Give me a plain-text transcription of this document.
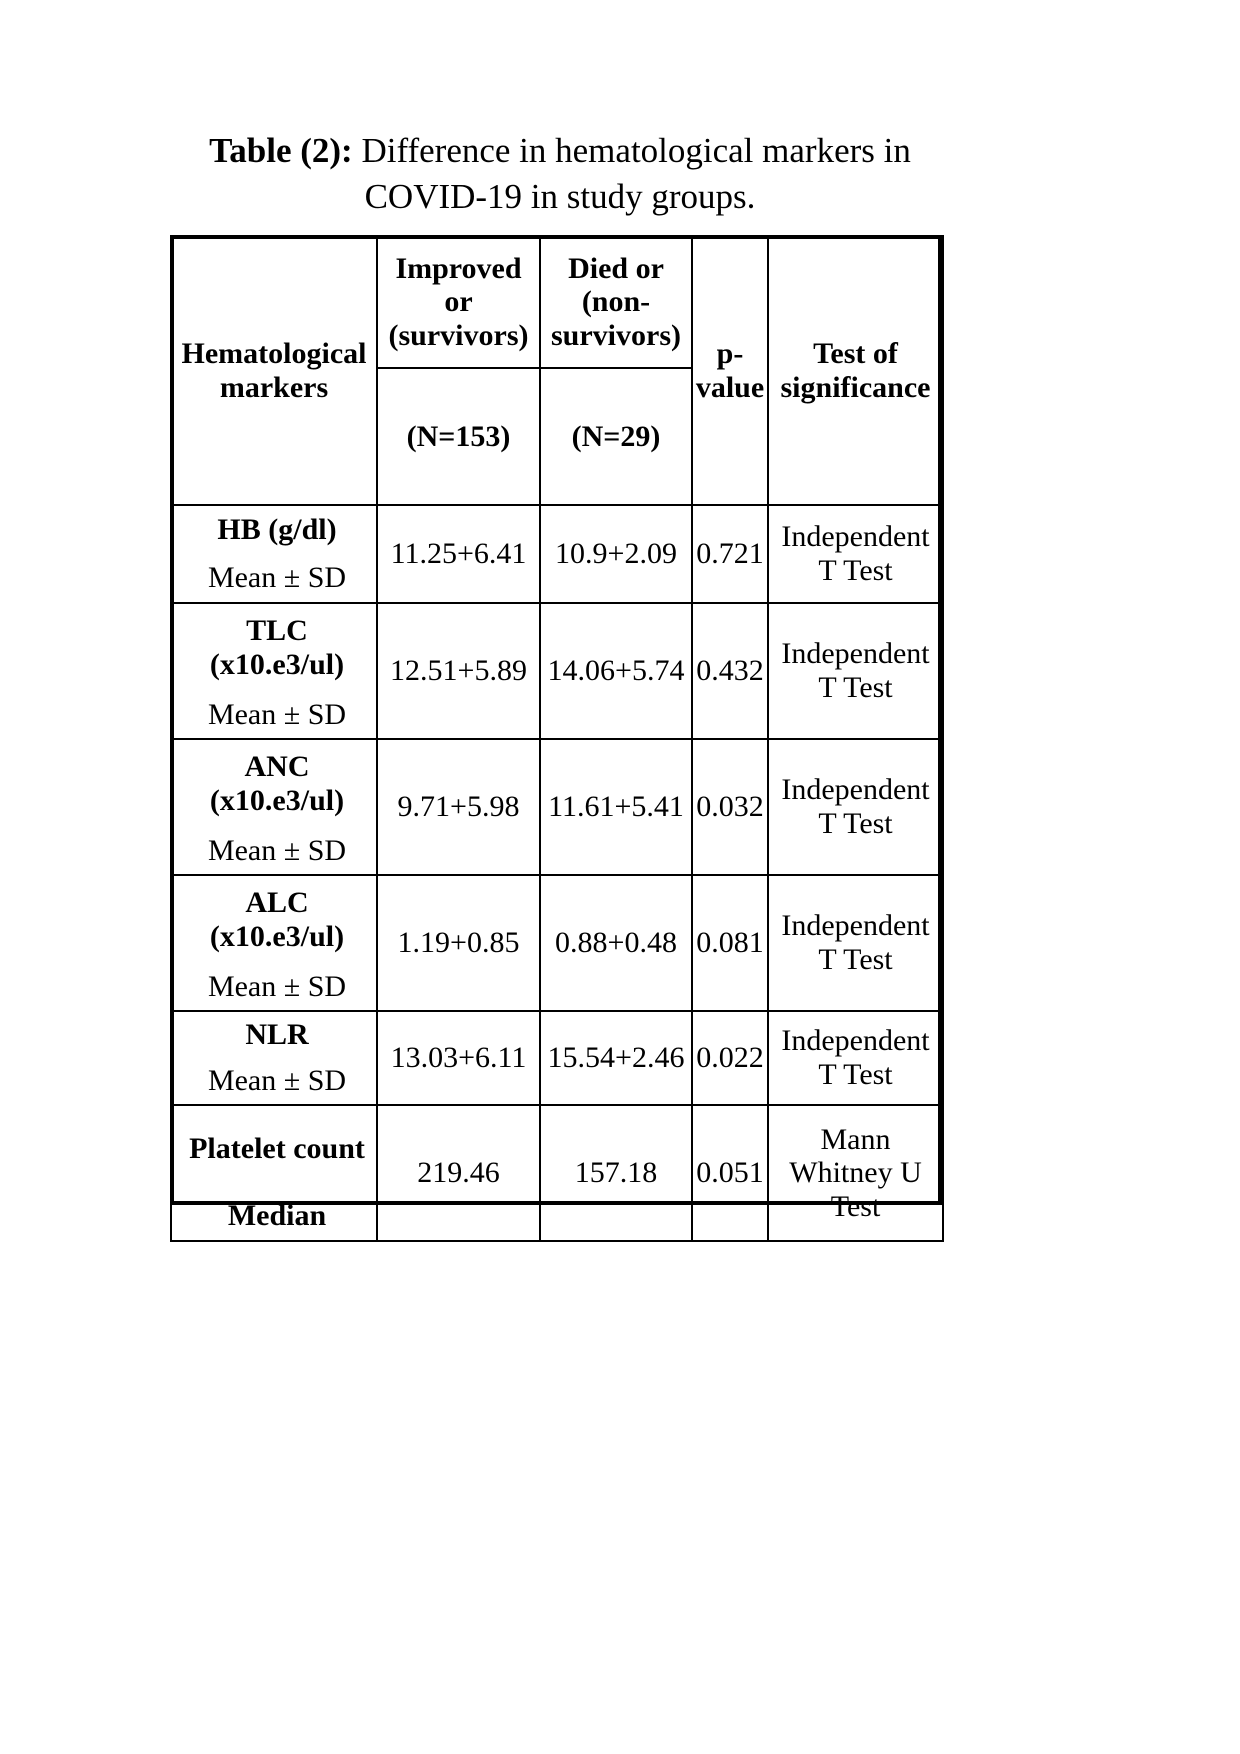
Table (2): Difference in hematological markers in COVID-19 in study groups.
Hematological markers	Improved or (survivors)	Died or (non-survivors)	p-value	Test of significance
	(N=153)	(N=29)		
HB (g/dl)	11.25+6.41	10.9+2.09	0.721	Independent T Test
Mean ± SD				
TLC (x10.e3/ul)	12.51+5.89	14.06+5.74	0.432	Independent T Test
Mean ± SD				
ANC (x10.e3/ul)	9.71+5.98	11.61+5.41	0.032	Independent T Test
Mean ± SD				
ALC (x10.e3/ul)	1.19+0.85	0.88+0.48	0.081	Independent T Test
Mean ± SD				
NLR	13.03+6.11	15.54+2.46	0.022	Independent T Test
Mean ± SD				
Platelet count	219.46	157.18	0.051	Mann Whitney U Test
Median				
